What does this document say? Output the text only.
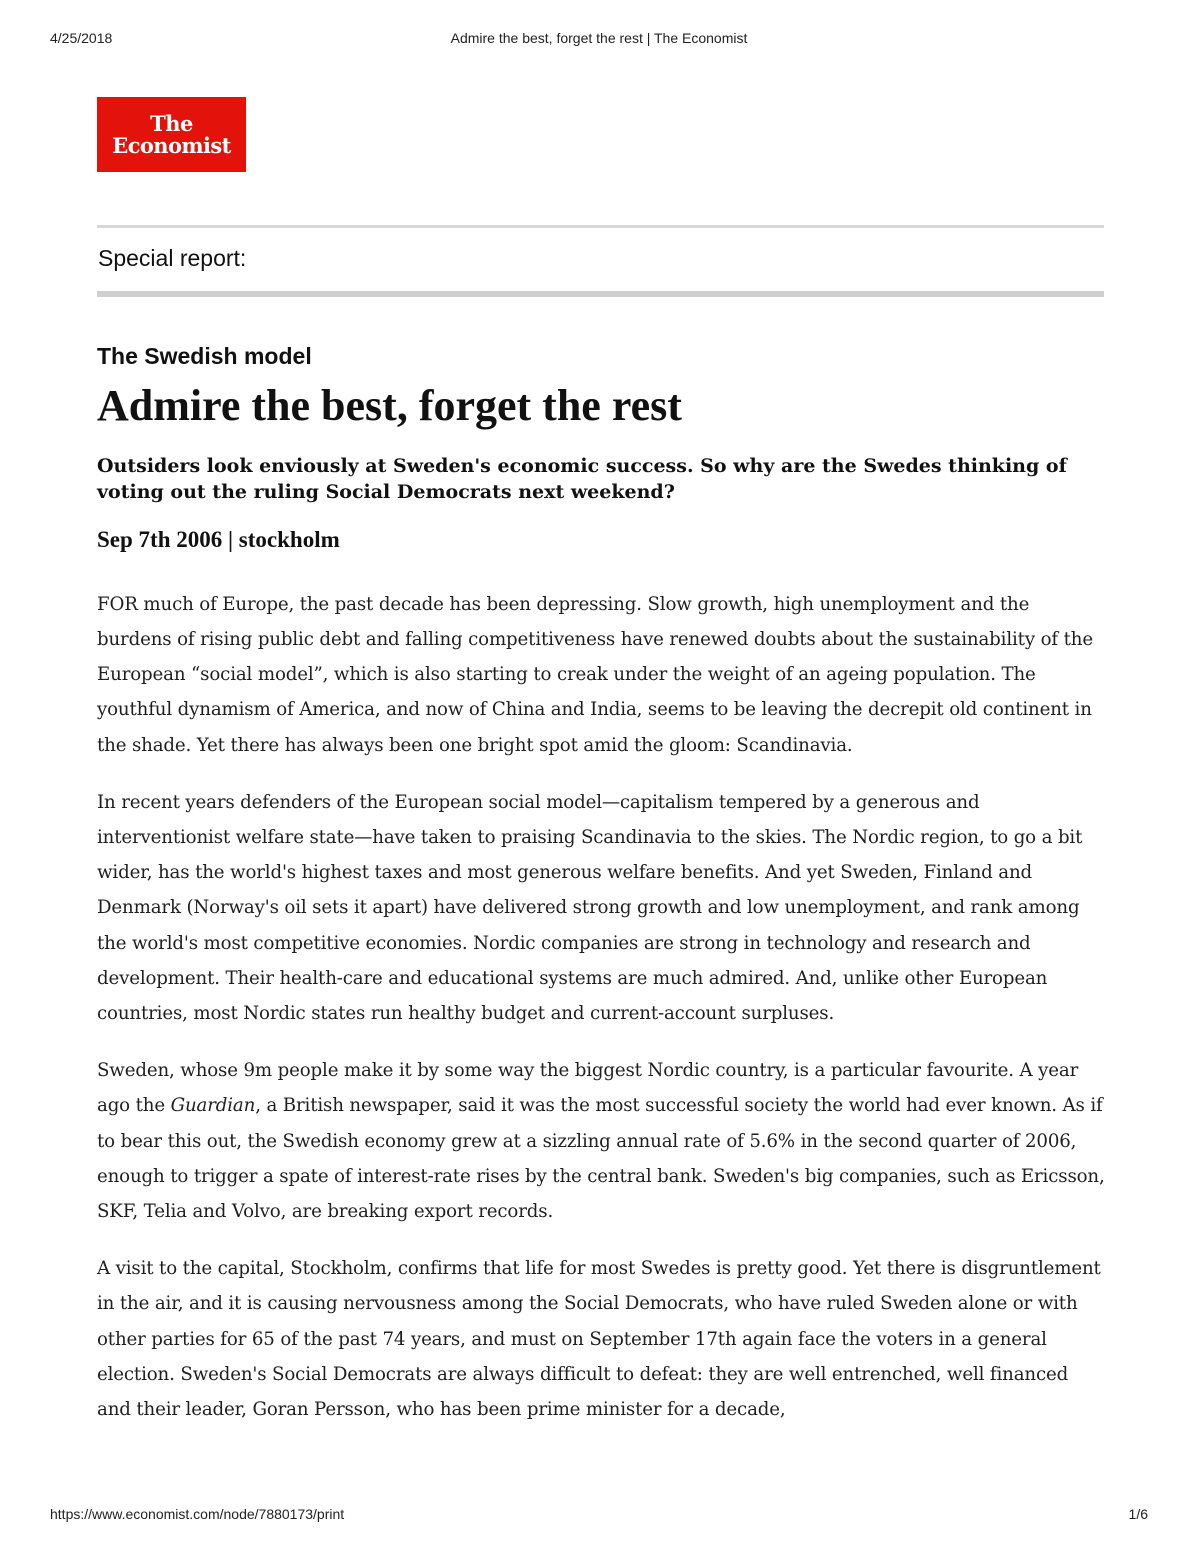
4/25/2018	Admire the best, forget the rest | The Economist
The
Economist
Special report:
The Swedish model
Admire the best, forget the rest

Outsiders look enviously at Sweden's economic success. So why are the Swedes thinking of voting out the ruling Social Democrats next weekend?

Sep 7th 2006 | stockholm

FOR much of Europe, the past decade has been depressing. Slow growth, high unemployment and the burdens of rising public debt and falling competitiveness have renewed doubts about the sustainability of the European “social model”, which is also starting to creak under the weight of an ageing population. The youthful dynamism of America, and now of China and India, seems to be leaving the decrepit old continent in the shade. Yet there has always been one bright spot amid the gloom: Scandinavia.

In recent years defenders of the European social model—capitalism tempered by a generous and interventionist welfare state—have taken to praising Scandinavia to the skies. The Nordic region, to go a bit wider, has the world's highest taxes and most generous welfare benefits. And yet Sweden, Finland and Denmark (Norway's oil sets it apart) have delivered strong growth and low unemployment, and rank among the world's most competitive economies. Nordic companies are strong in technology and research and development. Their health-care and educational systems are much admired. And, unlike other European countries, most Nordic states run healthy budget and current-account surpluses.

Sweden, whose 9m people make it by some way the biggest Nordic country, is a particular favourite. A year ago the Guardian, a British newspaper, said it was the most successful society the world had ever known. As if to bear this out, the Swedish economy grew at a sizzling annual rate of 5.6% in the second quarter of 2006, enough to trigger a spate of interest-rate rises by the central bank. Sweden's big companies, such as Ericsson, SKF, Telia and Volvo, are breaking export records.

A visit to the capital, Stockholm, confirms that life for most Swedes is pretty good. Yet there is disgruntlement in the air, and it is causing nervousness among the Social Democrats, who have ruled Sweden alone or with other parties for 65 of the past 74 years, and must on September 17th again face the voters in a general election. Sweden's Social Democrats are always difficult to defeat: they are well entrenched, well financed and their leader, Goran Persson, who has been prime minister for a decade,

https://www.economist.com/node/7880173/print	1/6
